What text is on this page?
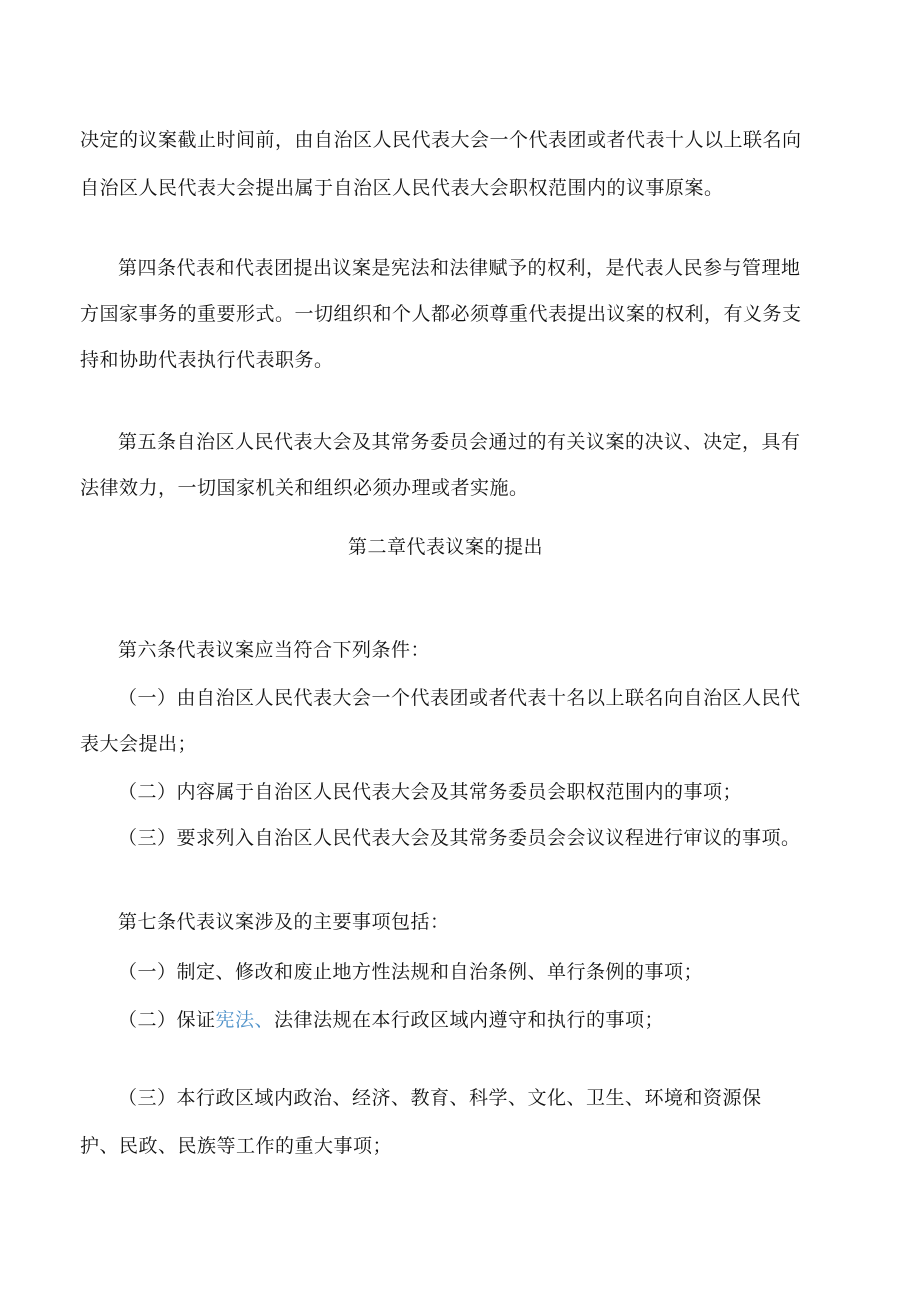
决定的议案截止时间前，由自治区人民代表大会一个代表团或者代表十人以上联名向
自治区人民代表大会提出属于自治区人民代表大会职权范围内的议事原案。
第四条代表和代表团提出议案是宪法和法律赋予的权利，是代表人民参与管理地
方国家事务的重要形式。一切组织和个人都必须尊重代表提出议案的权利，有义务支
持和协助代表执行代表职务。
第五条自治区人民代表大会及其常务委员会通过的有关议案的决议、决定，具有
法律效力，一切国家机关和组织必须办理或者实施。
第二章代表议案的提出
第六条代表议案应当符合下列条件：
（一）由自治区人民代表大会一个代表团或者代表十名以上联名向自治区人民代
表大会提出；
（二）内容属于自治区人民代表大会及其常务委员会职权范围内的事项；
（三）要求列入自治区人民代表大会及其常务委员会会议议程进行审议的事项。
第七条代表议案涉及的主要事项包括：
（一）制定、修改和废止地方性法规和自治条例、单行条例的事项；
（二）保证宪法、法律法规在本行政区域内遵守和执行的事项；
（三）本行政区域内政治、经济、教育、科学、文化、卫生、环境和资源保
护、民政、民族等工作的重大事项；
